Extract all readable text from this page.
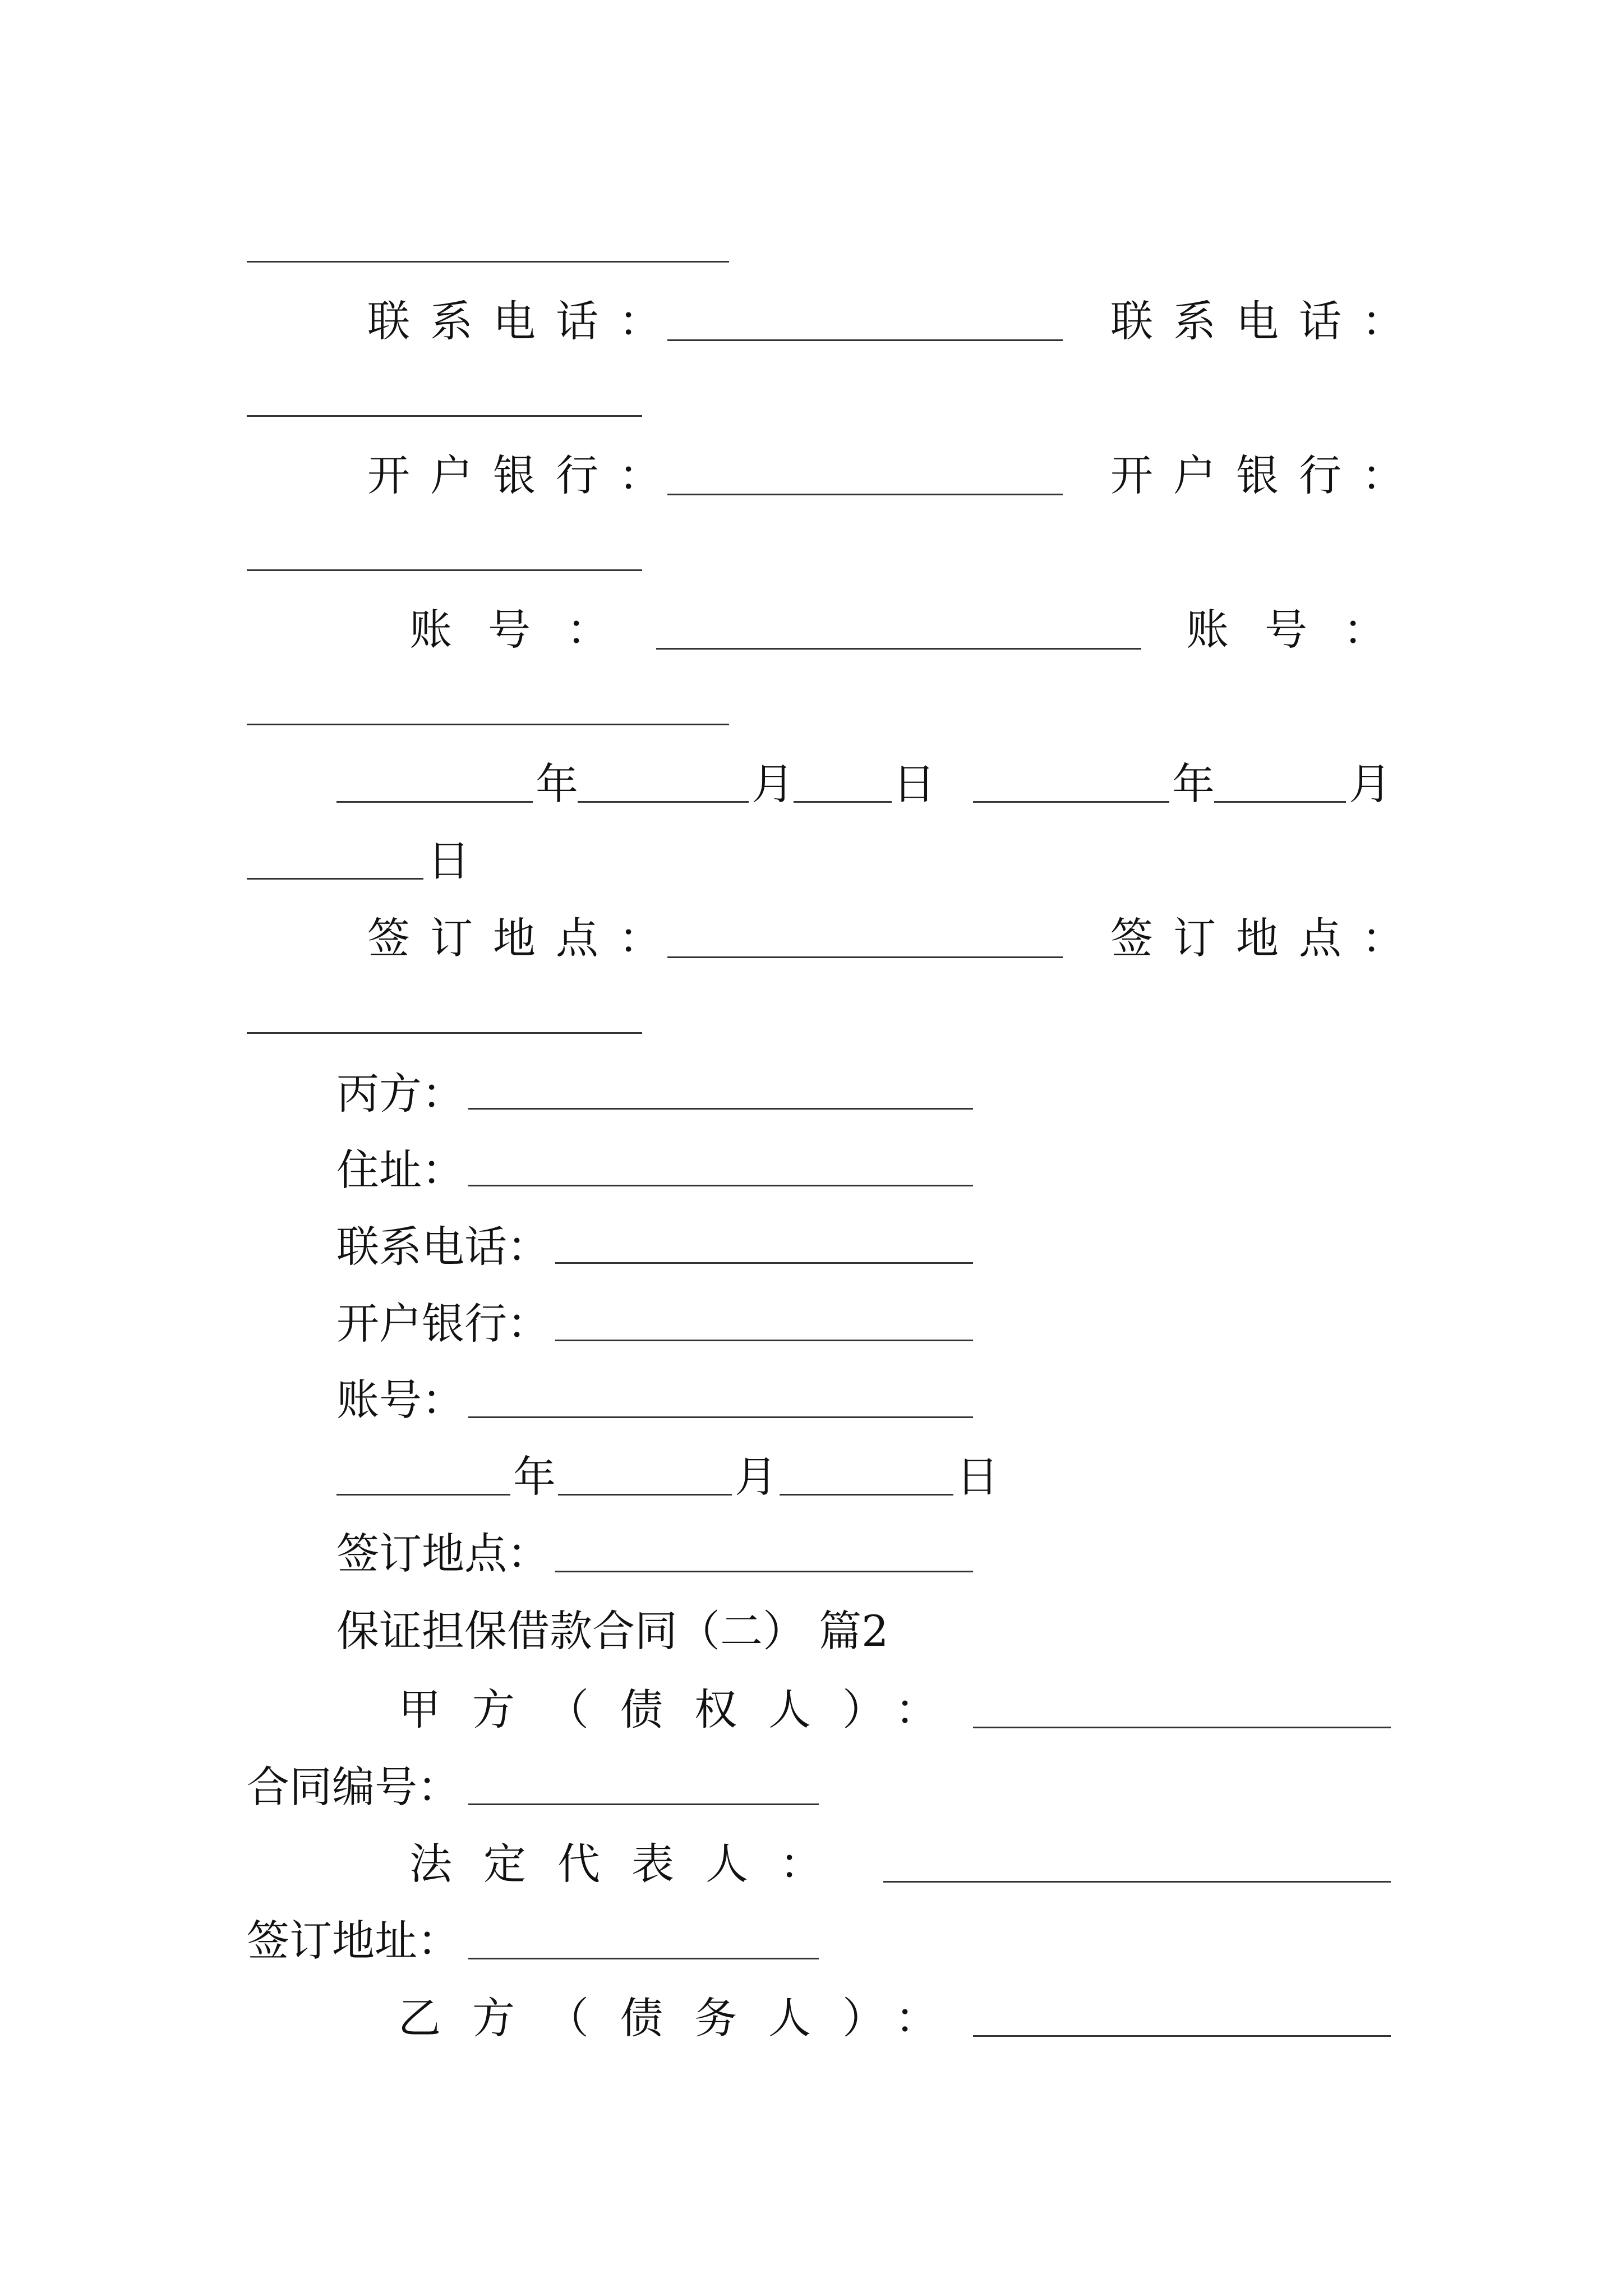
联系电话：	联系电话：
开户银行：	开户银行：
账号：	账号：
年	月 日	年	月
日
签订地点：	签订地点：
丙方：
住址：
联系电话：
开户银行：
账号：
年	月	日
签订地点：
保证担保借款合同（二） 篇2
甲方（债权人）：
合同编号：
法定代表人：
签订地址：
乙方（债务人）：
